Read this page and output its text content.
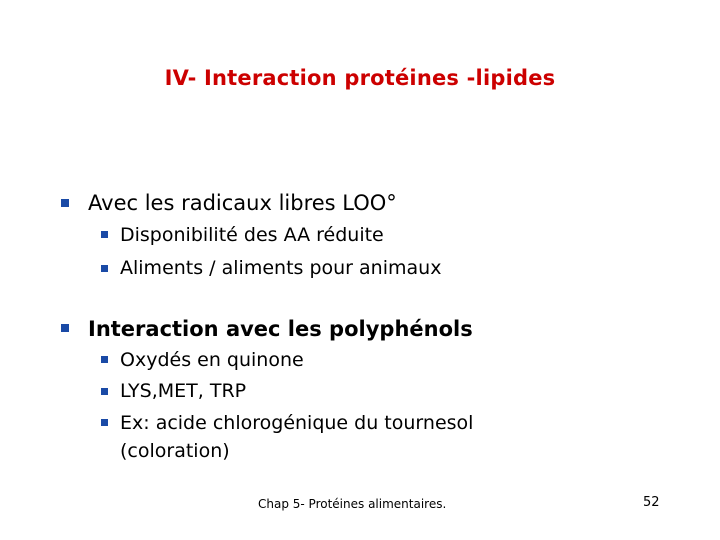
IV- Interaction protéines -lipides
Avec les radicaux libres LOO°
Disponibilité des AA réduite
Aliments / aliments pour animaux
Interaction avec les polyphénols
Oxydés en quinone
LYS,MET, TRP
Ex: acide chlorogénique du tournesol
(coloration)
Chap 5- Protéines alimentaires.	52
